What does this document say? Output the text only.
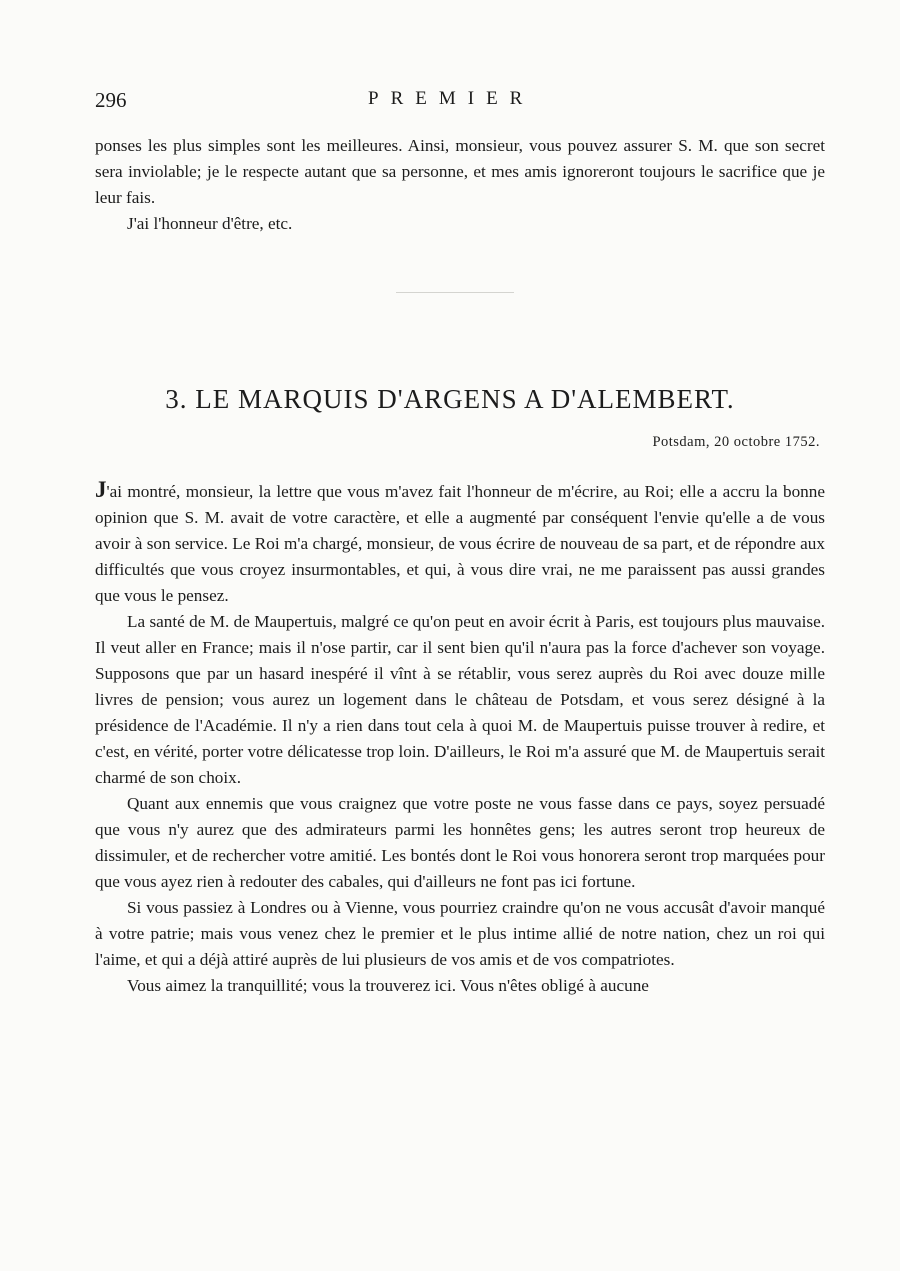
296	PREMIER

ponses les plus simples sont les meilleures. Ainsi, monsieur, vous pouvez assurer S. M. que son secret sera inviolable; je le respecte autant que sa personne, et mes amis ignoreront toujours le sacrifice que je leur fais.

J'ai l'honneur d'être, etc.

3. LE MARQUIS D'ARGENS A D'ALEMBERT.
Potsdam, 20 octobre 1752.

J'ai montré, monsieur, la lettre que vous m'avez fait l'honneur de m'écrire, au Roi; elle a accru la bonne opinion que S. M. avait de votre caractère, et elle a augmenté par conséquent l'envie qu'elle a de vous avoir à son service. Le Roi m'a chargé, monsieur, de vous écrire de nouveau de sa part, et de répondre aux difficultés que vous croyez insurmontables, et qui, à vous dire vrai, ne me paraissent pas aussi grandes que vous le pensez.

La santé de M. de Maupertuis, malgré ce qu'on peut en avoir écrit à Paris, est toujours plus mauvaise. Il veut aller en France; mais il n'ose partir, car il sent bien qu'il n'aura pas la force d'achever son voyage. Supposons que par un hasard inespéré il vînt à se rétablir, vous serez auprès du Roi avec douze mille livres de pension; vous aurez un logement dans le château de Potsdam, et vous serez désigné à la présidence de l'Académie. Il n'y a rien dans tout cela à quoi M. de Maupertuis puisse trouver à redire, et c'est, en vérité, porter votre délicatesse trop loin. D'ailleurs, le Roi m'a assuré que M. de Maupertuis serait charmé de son choix.

Quant aux ennemis que vous craignez que votre poste ne vous fasse dans ce pays, soyez persuadé que vous n'y aurez que des admirateurs parmi les honnêtes gens; les autres seront trop heureux de dissimuler, et de rechercher votre amitié. Les bontés dont le Roi vous honorera seront trop marquées pour que vous ayez rien à redouter des cabales, qui d'ailleurs ne font pas ici fortune.

Si vous passiez à Londres ou à Vienne, vous pourriez craindre qu'on ne vous accusât d'avoir manqué à votre patrie; mais vous venez chez le premier et le plus intime allié de notre nation, chez un roi qui l'aime, et qui a déjà attiré auprès de lui plusieurs de vos amis et de vos compatriotes.

Vous aimez la tranquillité; vous la trouverez ici. Vous n'êtes obligé à aucune
